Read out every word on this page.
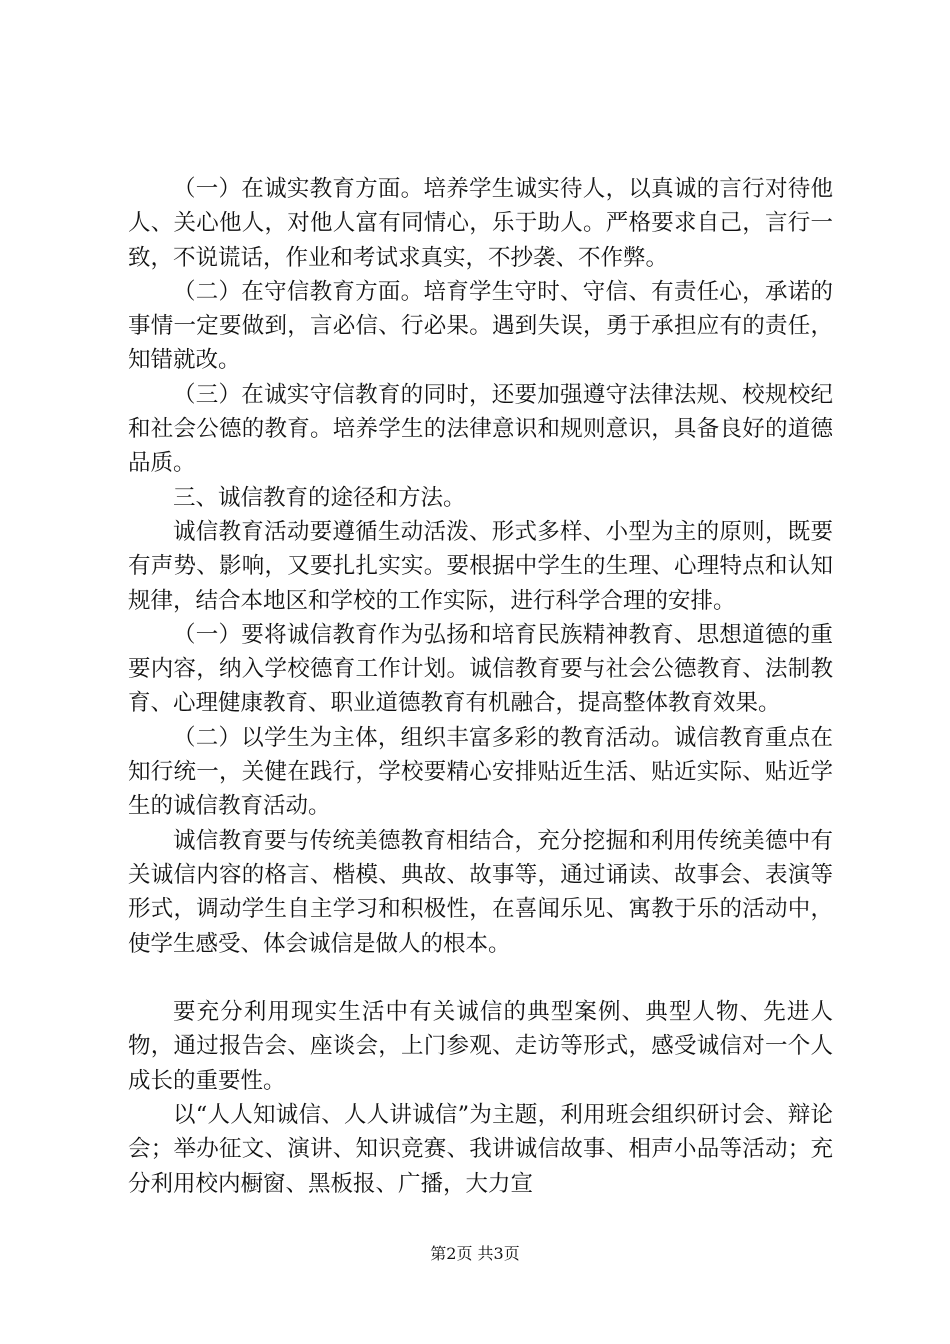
（一）在诚实教育方面。培养学生诚实待人，以真诚的言行对待他人、关心他人，对他人富有同情心，乐于助人。严格要求自己，言行一致，不说谎话，作业和考试求真实，不抄袭、不作弊。

（二）在守信教育方面。培育学生守时、守信、有责任心，承诺的事情一定要做到，言必信、行必果。遇到失误，勇于承担应有的责任，知错就改。

（三）在诚实守信教育的同时，还要加强遵守法律法规、校规校纪和社会公德的教育。培养学生的法律意识和规则意识，具备良好的道德品质。

三、诚信教育的途径和方法。

诚信教育活动要遵循生动活泼、形式多样、小型为主的原则，既要有声势、影响，又要扎扎实实。要根据中学生的生理、心理特点和认知规律，结合本地区和学校的工作实际，进行科学合理的安排。

（一）要将诚信教育作为弘扬和培育民族精神教育、思想道德的重要内容，纳入学校德育工作计划。诚信教育要与社会公德教育、法制教育、心理健康教育、职业道德教育有机融合，提高整体教育效果。

（二）以学生为主体，组织丰富多彩的教育活动。诚信教育重点在知行统一，关健在践行，学校要精心安排贴近生活、贴近实际、贴近学生的诚信教育活动。

诚信教育要与传统美德教育相结合，充分挖掘和利用传统美德中有关诚信内容的格言、楷模、典故、故事等，通过诵读、故事会、表演等形式，调动学生自主学习和积极性，在喜闻乐见、寓教于乐的活动中，使学生感受、体会诚信是做人的根本。

要充分利用现实生活中有关诚信的典型案例、典型人物、先进人物，通过报告会、座谈会，上门参观、走访等形式，感受诚信对一个人成长的重要性。

以“人人知诚信、人人讲诚信”为主题，利用班会组织研讨会、辩论会；举办征文、演讲、知识竞赛、我讲诚信故事、相声小品等活动；充分利用校内橱窗、黑板报、广播，大力宣

第2页 共3页
